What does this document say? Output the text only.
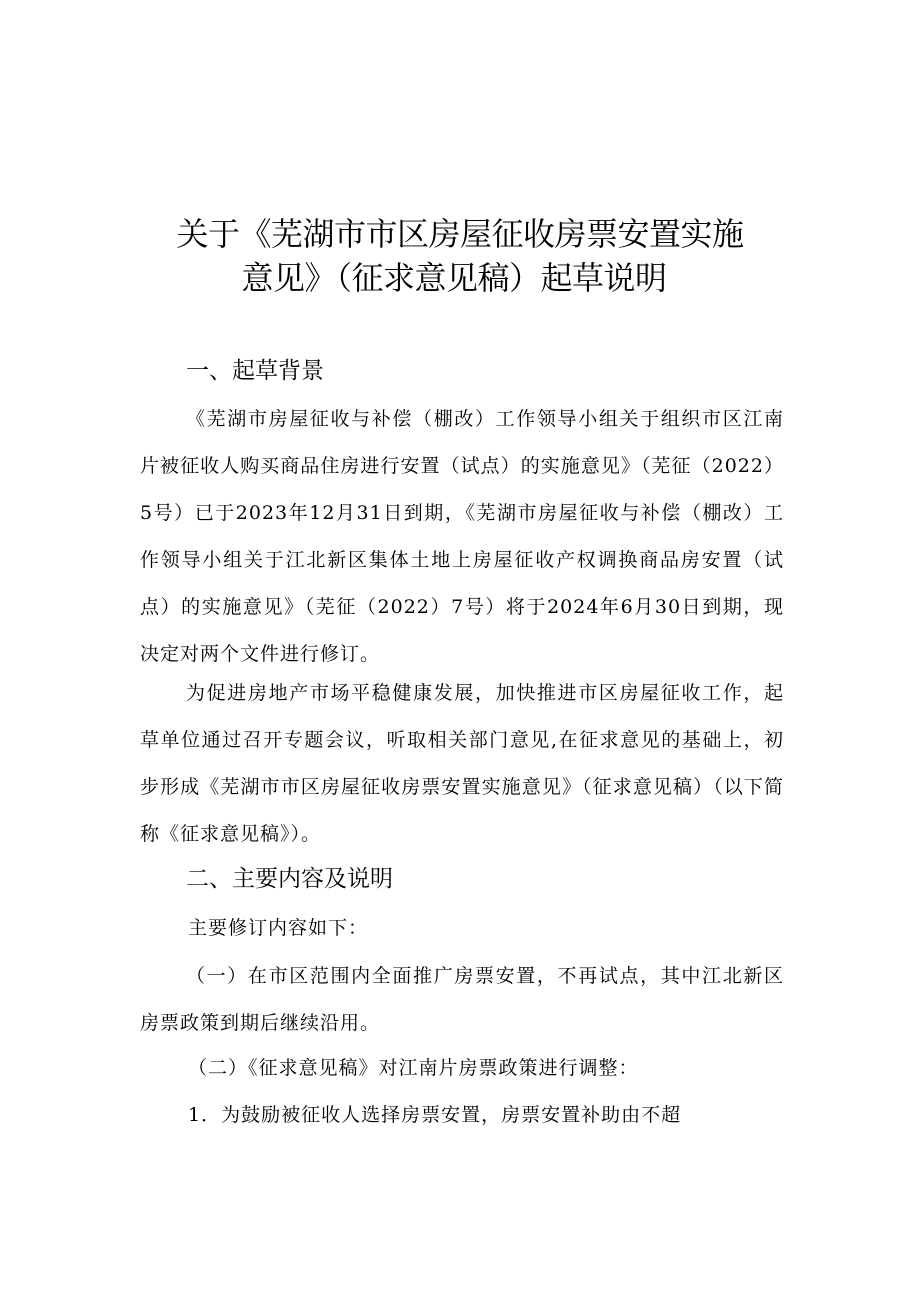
关于《芜湖市市区房屋征收房票安置实施
意见》（征求意见稿）起草说明
一、起草背景
《芜湖市房屋征收与补偿（棚改）工作领导小组关于组织市区江南片被征收人购买商品住房进行安置（试点）的实施意见》（芜征（2022）5号）已于2023年12月31日到期，《芜湖市房屋征收与补偿（棚改）工作领导小组关于江北新区集体土地上房屋征收产权调换商品房安置（试点）的实施意见》（芜征（2022）7号）将于2024年6月30日到期，现决定对两个文件进行修订。
为促进房地产市场平稳健康发展，加快推进市区房屋征收工作，起草单位通过召开专题会议，听取相关部门意见,在征求意见的基础上，初步形成《芜湖市市区房屋征收房票安置实施意见》（征求意见稿）（以下简称《征求意见稿》）。
二、主要内容及说明
主要修订内容如下：
（一）在市区范围内全面推广房票安置，不再试点，其中江北新区房票政策到期后继续沿用。
（二）《征求意见稿》对江南片房票政策进行调整：
1．为鼓励被征收人选择房票安置，房票安置补助由不超
